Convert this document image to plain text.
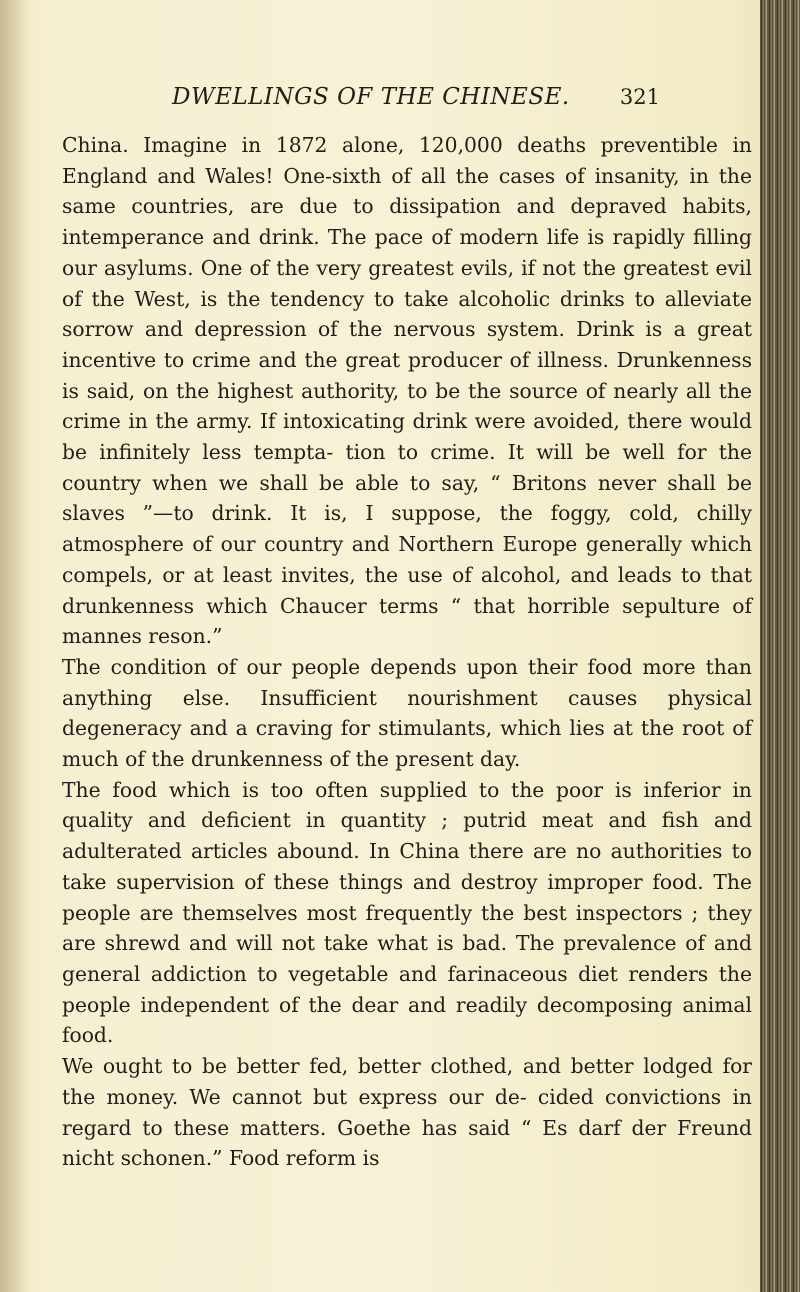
DWELLINGS OF THE CHINESE. 321

China. Imagine in 1872 alone, 120,000 deaths preventible in England and Wales! One-sixth of all the cases of insanity, in the same countries, are due to dissipation and depraved habits, intemperance and drink. The pace of modern life is rapidly filling our asylums. One of the very greatest evils, if not the greatest evil of the West, is the tendency to take alcoholic drinks to alleviate sorrow and depression of the nervous system. Drink is a great incentive to crime and the great producer of illness. Drunkenness is said, on the highest authority, to be the source of nearly all the crime in the army. If intoxicating drink were avoided, there would be infinitely less tempta- tion to crime. It will be well for the country when we shall be able to say, “ Britons never shall be slaves ”—to drink. It is, I suppose, the foggy, cold, chilly atmosphere of our country and Northern Europe generally which compels, or at least invites, the use of alcohol, and leads to that drunkenness which Chaucer terms “ that horrible sepulture of mannes reson.”

The condition of our people depends upon their food more than anything else. Insufficient nourishment causes physical degeneracy and a craving for stimulants, which lies at the root of much of the drunkenness of the present day.

The food which is too often supplied to the poor is inferior in quality and deficient in quantity ; putrid meat and fish and adulterated articles abound. In China there are no authorities to take supervision of these things and destroy improper food. The people are themselves most frequently the best inspectors ; they are shrewd and will not take what is bad. The prevalence of and general addiction to vegetable and farinaceous diet renders the people independent of the dear and readily decomposing animal food.

We ought to be better fed, better clothed, and better lodged for the money. We cannot but express our de- cided convictions in regard to these matters. Goethe has said “ Es darf der Freund nicht schonen.” Food reform is
